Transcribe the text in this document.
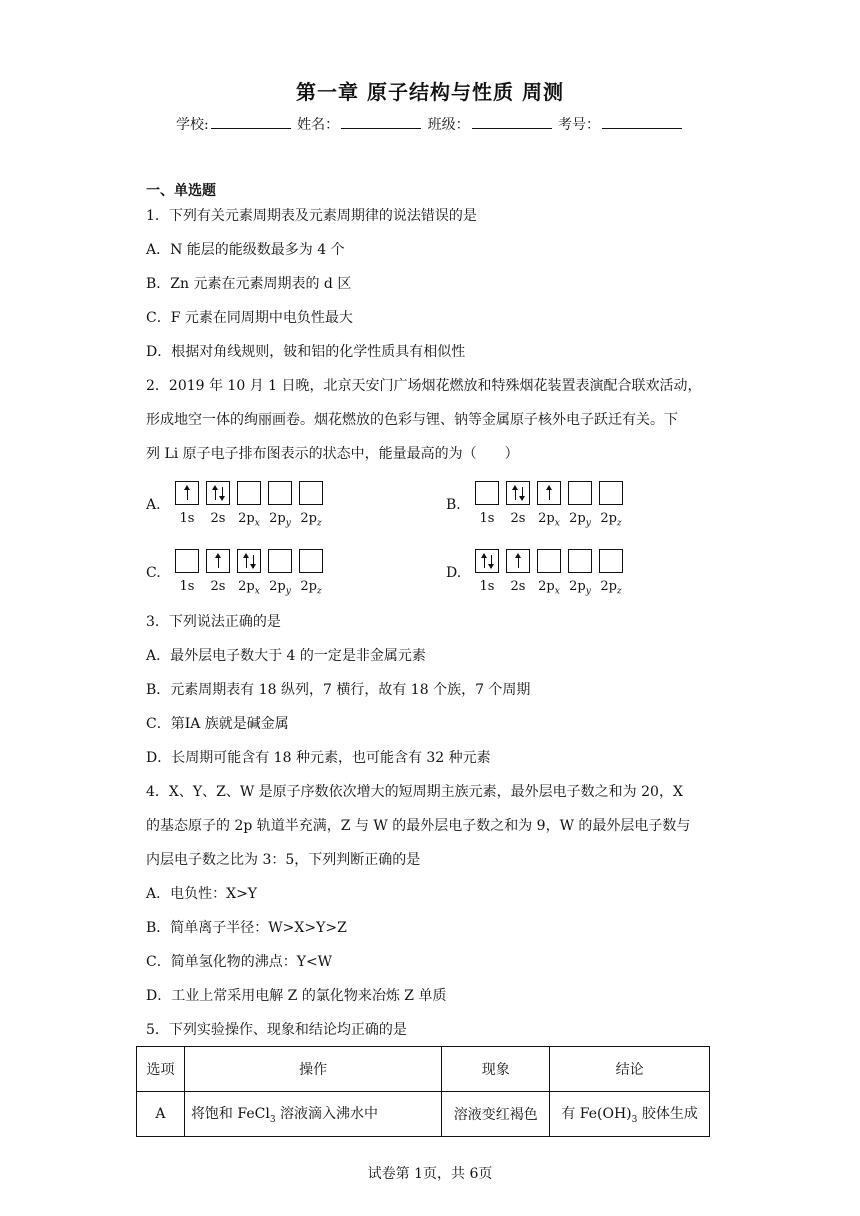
第一章 原子结构与性质 周测
学校:	姓名：	班级：	考号：
一、单选题
1．下列有关元素周期表及元素周期律的说法错误的是
A．N 能层的能级数最多为 4 个
B．Zn 元素在元素周期表的 d 区
C．F 元素在同周期中电负性最大
D．根据对角线规则，铍和铝的化学性质具有相似性
2．2019 年 10 月 1 日晚，北京天安门广场烟花燃放和特殊烟花装置表演配合联欢活动，
形成地空一体的绚丽画卷。烟花燃放的色彩与锂、钠等金属原子核外电子跃迁有关。下
列 Li 原子电子排布图表示的状态中，能量最高的为（　　）
A.	B.
C.	D.
1s	2s $2p_x$ $2p_y$ $2p_z$	1s	2s $2p_x$ $2p_y$ $2p_z$
1s	2s $2p_x$ $2p_y$ $2p_z$	1s	2s $2p_x$ $2p_y$ $2p_z$
3．下列说法正确的是
A．最外层电子数大于 4 的一定是非金属元素
B．元素周期表有 18 纵列，7 横行，故有 18 个族，7 个周期
C．第IA 族就是碱金属
D．长周期可能含有 18 种元素，也可能含有 32 种元素
4．X、Y、Z、W 是原子序数依次增大的短周期主族元素，最外层电子数之和为 20，X
的基态原子的 2p 轨道半充满，Z 与 W 的最外层电子数之和为 9，W 的最外层电子数与
内层电子数之比为 3：5，下列判断正确的是
A．电负性：X>Y
B．简单离子半径：W>X>Y>Z
C．简单氢化物的沸点：Y<W
D．工业上常采用电解 Z 的氯化物来冶炼 Z 单质
5．下列实验操作、现象和结论均正确的是
选项	操作	现象	结论
A	将饱和 FeCl$_3$ 溶液滴入沸水中	溶液变红褐色	有 $Fe(OH)_3$ 胶体生成
试卷第 1页，共 6页
